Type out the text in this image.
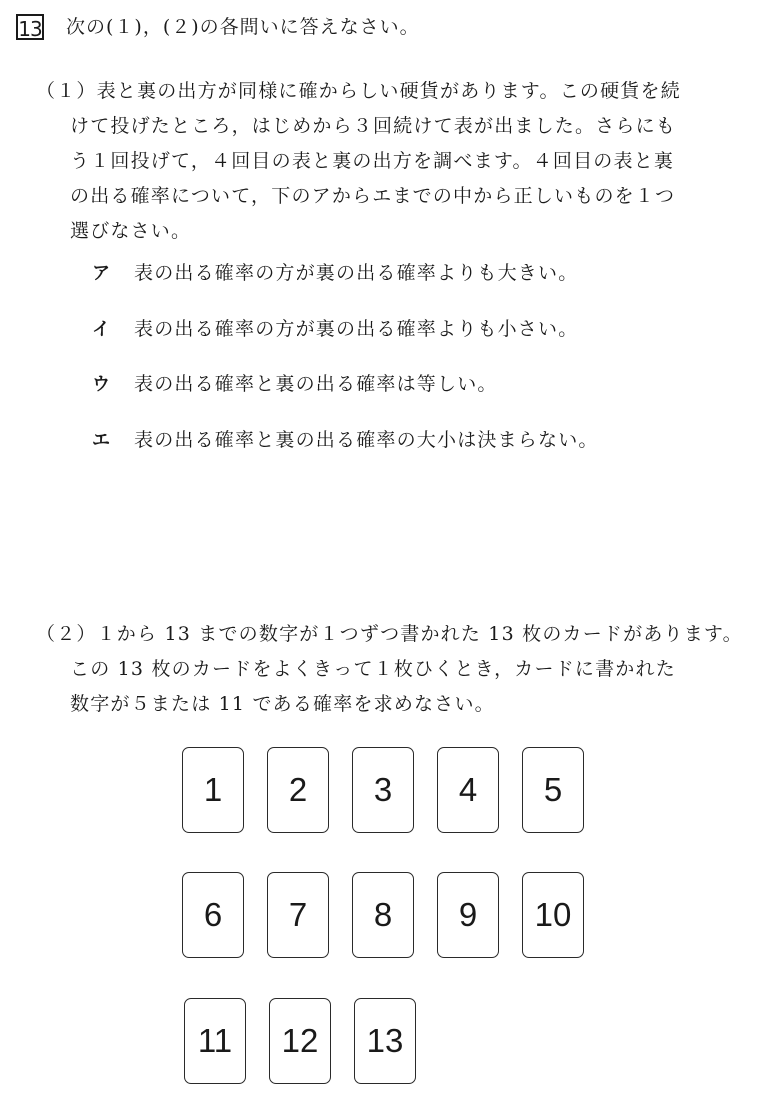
13 次の(１)，(２)の各問いに答えなさい。
（１）表と裏の出方が同様に確からしい硬貨があります。この硬貨を続
けて投げたところ，はじめから３回続けて表が出ました。さらにも
う１回投げて，４回目の表と裏の出方を調べます。４回目の表と裏
の出る確率について，下のアからエまでの中から正しいものを１つ
選びなさい。
ア	表の出る確率の方が裏の出る確率よりも大きい。
イ	表の出る確率の方が裏の出る確率よりも小さい。
ウ	表の出る確率と裏の出る確率は等しい。
エ	表の出る確率と裏の出る確率の大小は決まらない。
（２）１から 13 までの数字が１つずつ書かれた 13 枚のカードがあります。
この 13 枚のカードをよくきって１枚ひくとき，カードに書かれた
数字が５または 11 である確率を求めなさい。
1	2	3	4	5
6	7	8	9	10
11	12	13
